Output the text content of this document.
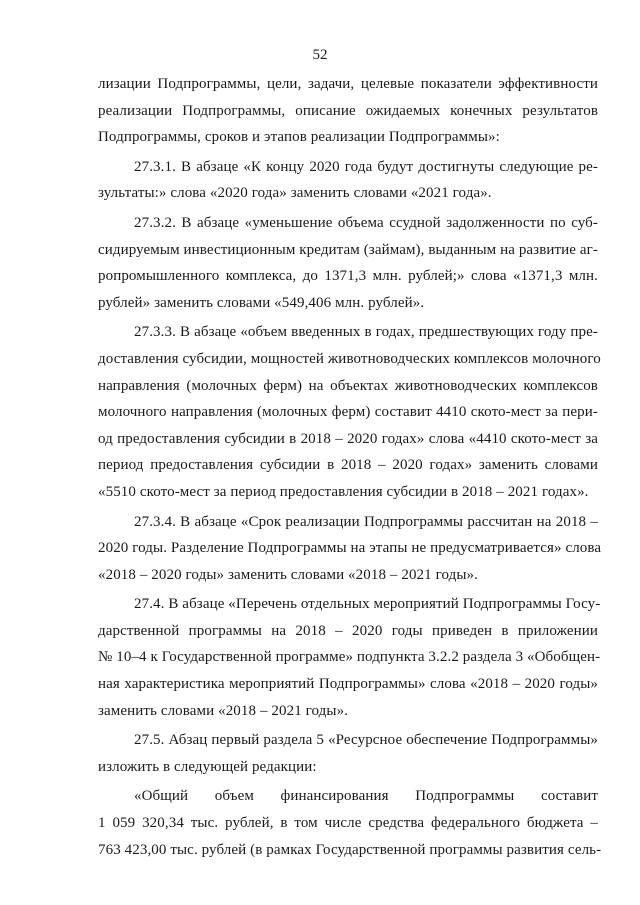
52
лизации Подпрограммы, цели, задачи, целевые показатели эффективности
реализации Подпрограммы, описание ожидаемых конечных результатов
Подпрограммы, сроков и этапов реализации Подпрограммы»:
27.3.1. В абзаце «К концу 2020 года будут достигнуты следующие ре-
зультаты:» слова «2020 года» заменить словами «2021 года».
27.3.2. В абзаце «уменьшение объема ссудной задолженности по суб-
сидируемым инвестиционным кредитам (займам), выданным на развитие аг-
ропромышленного комплекса, до 1371,3 млн. рублей;» слова «1371,3 млн.
рублей» заменить словами «549,406 млн. рублей».
27.3.3. В абзаце «объем введенных в годах, предшествующих году пре-
доставления субсидии, мощностей животноводческих комплексов молочного
направления (молочных ферм) на объектах животноводческих комплексов
молочного направления (молочных ферм) составит 4410 ското-мест за пери-
од предоставления субсидии в 2018 – 2020 годах» слова «4410 ското-мест за
период предоставления субсидии в 2018 – 2020 годах» заменить словами
«5510 ското-мест за период предоставления субсидии в 2018 – 2021 годах».
27.3.4. В абзаце «Срок реализации Подпрограммы рассчитан на 2018 –
2020 годы. Разделение Подпрограммы на этапы не предусматривается» слова
«2018 – 2020 годы» заменить словами «2018 – 2021 годы».
27.4. В абзаце «Перечень отдельных мероприятий Подпрограммы Госу-
дарственной программы на 2018 – 2020 годы приведен в приложении
№ 10–4 к Государственной программе» подпункта 3.2.2 раздела 3 «Обобщен-
ная характеристика мероприятий Подпрограммы» слова «2018 – 2020 годы»
заменить словами «2018 – 2021 годы».
27.5. Абзац первый раздела 5 «Ресурсное обеспечение Подпрограммы»
изложить в следующей редакции:
«Общий объем финансирования Подпрограммы составит
1 059 320,34 тыс. рублей, в том числе средства федерального бюджета –
763 423,00 тыс. рублей (в рамках Государственной программы развития сель-
